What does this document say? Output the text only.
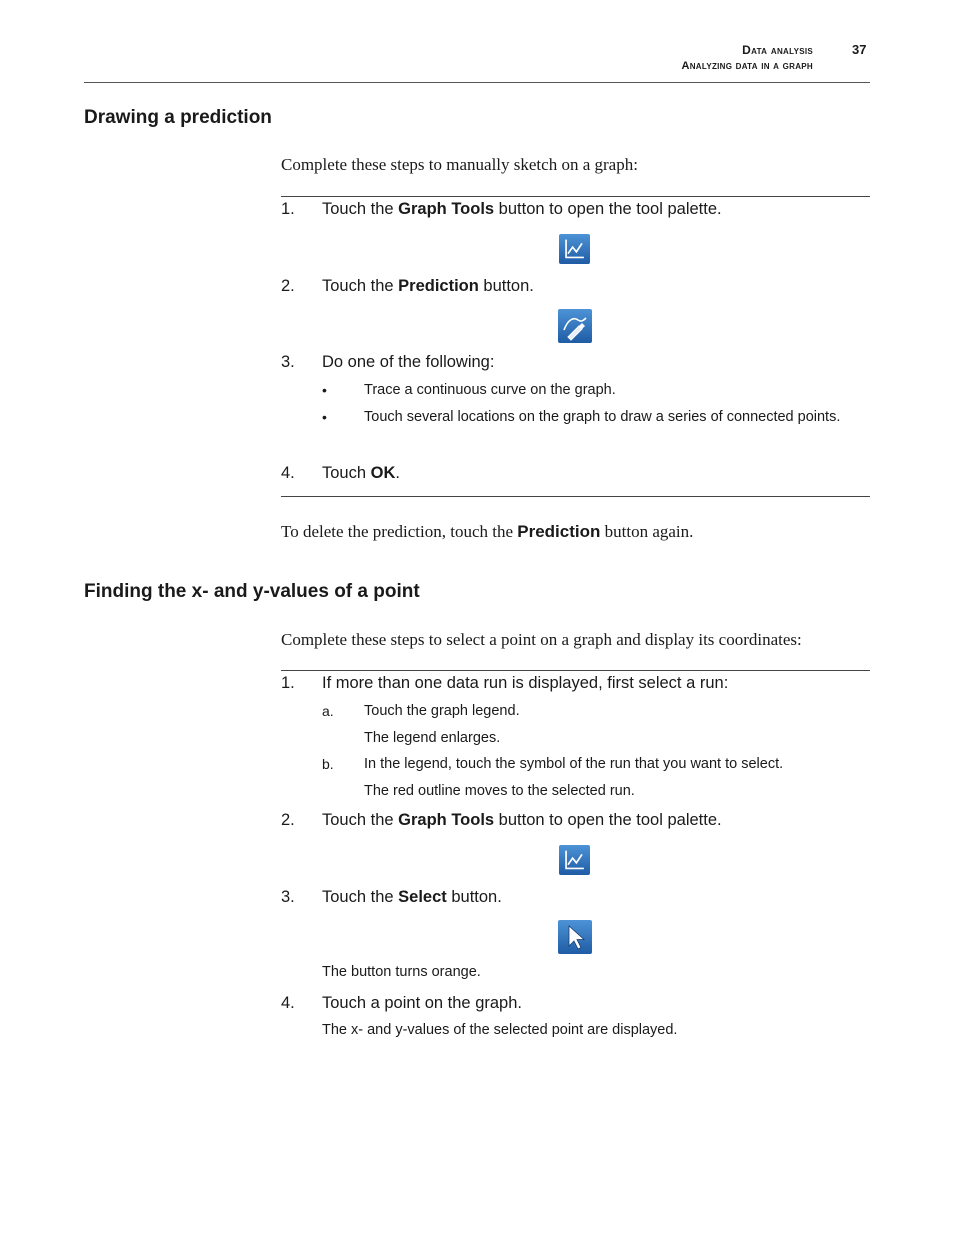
Data analysis	37
Analyzing data in a graph
Drawing a prediction
Complete these steps to manually sketch on a graph:
1. Touch the Graph Tools button to open the tool palette.
2. Touch the Prediction button.
3. Do one of the following:
•	Trace a continuous curve on the graph.
•	Touch several locations on the graph to draw a series of connected points.
4. Touch OK.
To delete the prediction, touch the Prediction button again.
Finding the x- and y-values of a point
Complete these steps to select a point on a graph and display its coordinates:
1. If more than one data run is displayed, first select a run:
a. Touch the graph legend.
The legend enlarges.
b. In the legend, touch the symbol of the run that you want to select.
The red outline moves to the selected run.
2. Touch the Graph Tools button to open the tool palette.
3. Touch the Select button.
The button turns orange.
4. Touch a point on the graph.
The x- and y-values of the selected point are displayed.
